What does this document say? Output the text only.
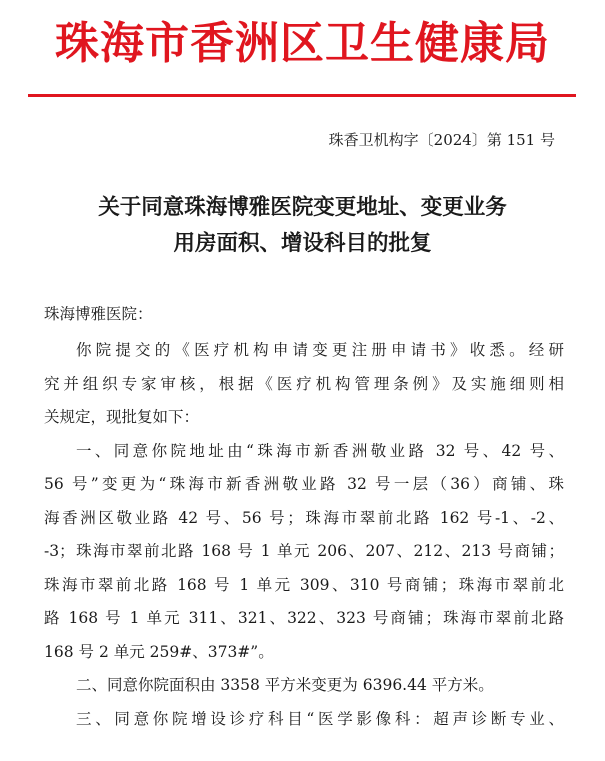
珠海市香洲区卫生健康局
珠香卫机构字〔2024〕第 151 号
关于同意珠海博雅医院变更地址、变更业务
用房面积、增设科目的批复
珠海博雅医院：
你院提交的《医疗机构申请变更注册申请书》收悉。经研
究并组织专家审核，根据《医疗机构管理条例》及实施细则相
关规定，现批复如下：
一、同意你院地址由“珠海市新香洲敬业路 32 号、42 号、
56 号”变更为“珠海市新香洲敬业路 32 号一层（36）商铺、珠
海香洲区敬业路 42 号、56 号；珠海市翠前北路 162 号-1、-2、
-3；珠海市翠前北路 168 号 1 单元 206、207、212、213 号商铺；
珠海市翠前北路 168 号 1 单元 309、310 号商铺；珠海市翠前北
路 168 号 1 单元 311、321、322、323 号商铺；珠海市翠前北路
168 号 2 单元 259#、373#”。
二、同意你院面积由 3358 平方米变更为 6396.44 平方米。
三、同意你院增设诊疗科目“医学影像科：超声诊断专业、
